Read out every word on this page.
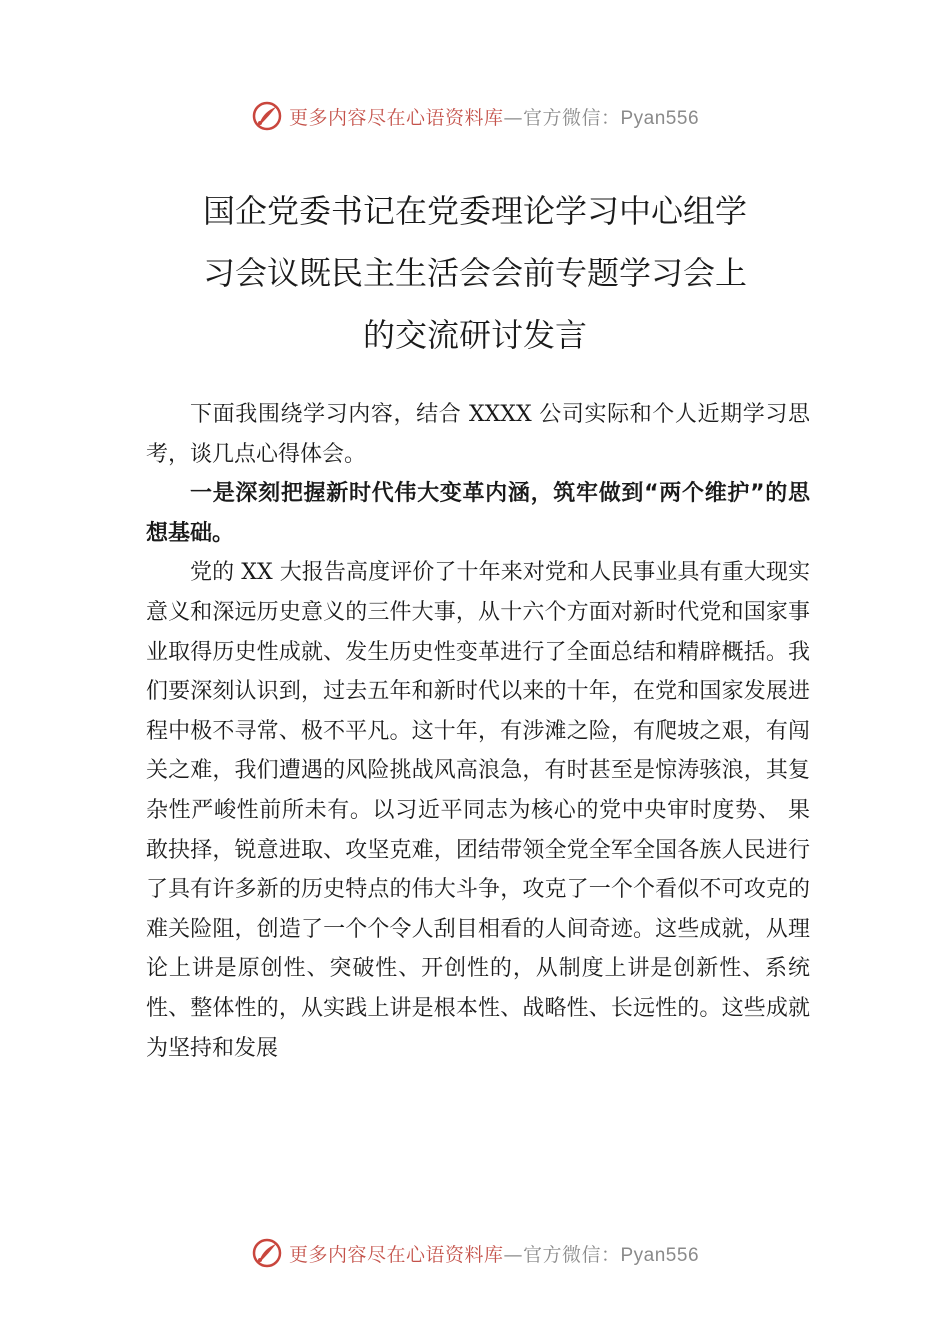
更多内容尽在心语资料库—官方微信：Pyan556
国企党委书记在党委理论学习中心组学
习会议既民主生活会会前专题学习会上
的交流研讨发言

下面我围绕学习内容，结合 XXXX 公司实际和个人近期学习思考，谈几点心得体会。

一是深刻把握新时代伟大变革内涵，筑牢做到“两个维护”的思想基础。

党的 XX 大报告高度评价了十年来对党和人民事业具有重大现实意义和深远历史意义的三件大事，从十六个方面对新时代党和国家事业取得历史性成就、发生历史性变革进行了全面总结和精辟概括。我们要深刻认识到，过去五年和新时代以来的十年，在党和国家发展进程中极不寻常、极不平凡。这十年，有涉滩之险，有爬坡之艰，有闯关之难，我们遭遇的风险挑战风高浪急，有时甚至是惊涛骇浪，其复杂性严峻性前所未有。以习近平同志为核心的党中央审时度势、 果敢抉择，锐意进取、攻坚克难，团结带领全党全军全国各族人民进行了具有许多新的历史特点的伟大斗争，攻克了一个个看似不可攻克的难关险阻，创造了一个个令人刮目相看的人间奇迹。这些成就，从理论上讲是原创性、突破性、开创性的，从制度上讲是创新性、系统性、整体性的，从实践上讲是根本性、战略性、长远性的。这些成就为坚持和发展

更多内容尽在心语资料库—官方微信：Pyan556
